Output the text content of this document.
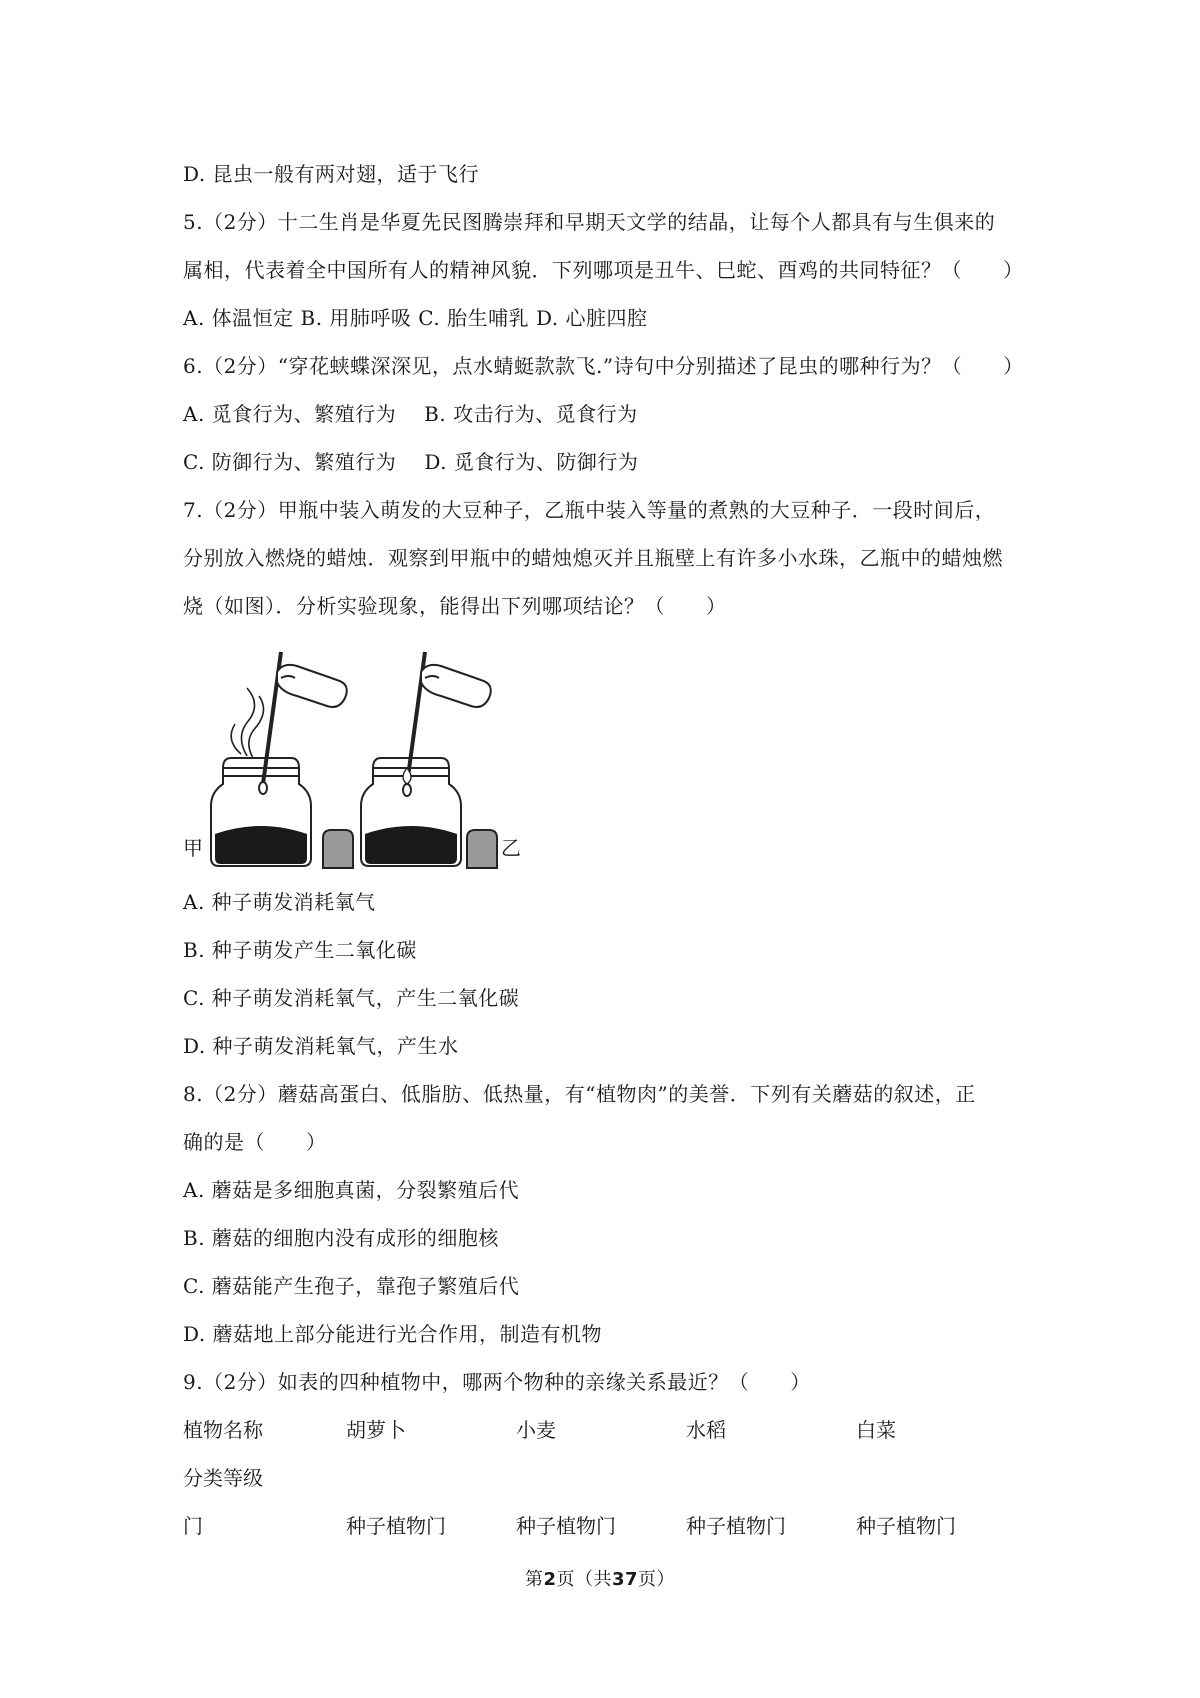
D. 昆虫一般有两对翅，适于飞行
5.（2分）十二生肖是华夏先民图腾崇拜和早期天文学的结晶，让每个人都具有与生俱来的
属相，代表着全中国所有人的精神风貌．下列哪项是丑牛、巳蛇、酉鸡的共同特征？（　　）
A. 体温恒定 B. 用肺呼吸 C. 胎生哺乳 D. 心脏四腔
6.（2分）“穿花蛱蝶深深见，点水蜻蜓款款飞.”诗句中分别描述了昆虫的哪种行为？（　　）
A. 觅食行为、繁殖行为 B. 攻击行为、觅食行为
C. 防御行为、繁殖行为 D. 觅食行为、防御行为
7.（2分）甲瓶中装入萌发的大豆种子，乙瓶中装入等量的煮熟的大豆种子．一段时间后，
分别放入燃烧的蜡烛．观察到甲瓶中的蜡烛熄灭并且瓶壁上有许多小水珠，乙瓶中的蜡烛燃
烧（如图）．分析实验现象，能得出下列哪项结论？（　　）
甲	乙
A. 种子萌发消耗氧气
B. 种子萌发产生二氧化碳
C. 种子萌发消耗氧气，产生二氧化碳
D. 种子萌发消耗氧气，产生水
8.（2分）蘑菇高蛋白、低脂肪、低热量，有“植物肉”的美誉．下列有关蘑菇的叙述，正
确的是（　　）
A. 蘑菇是多细胞真菌，分裂繁殖后代
B. 蘑菇的细胞内没有成形的细胞核
C. 蘑菇能产生孢子，靠孢子繁殖后代
D. 蘑菇地上部分能进行光合作用，制造有机物
9.（2分）如表的四种植物中，哪两个物种的亲缘关系最近？（　　）
植物名称	胡萝卜	小麦	水稻	白菜
分类等级
门	种子植物门	种子植物门	种子植物门	种子植物门
第2页（共37页）
